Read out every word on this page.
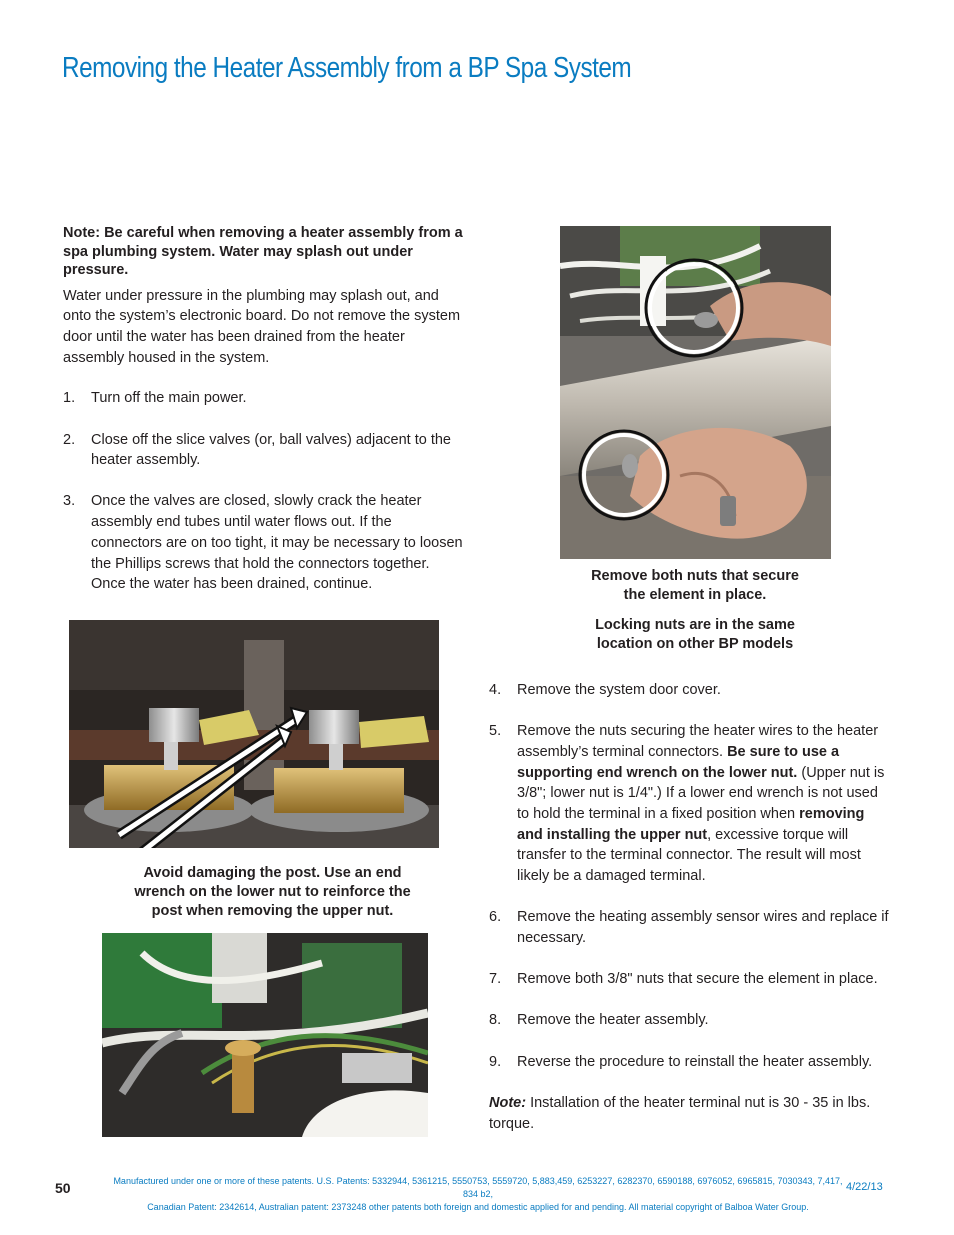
Removing the Heater Assembly from a BP Spa System

Note: Be careful when removing a heater assembly from a spa plumbing system. Water may splash out under pressure.

Water under pressure in the plumbing may splash out, and onto the system’s electronic board. Do not remove the system door until the water has been drained from the heater assembly housed in the system.

1. Turn off the main power.
2. Close off the slice valves (or, ball valves) adjacent to the heater assembly.
3. Once the valves are closed, slowly crack the heater assembly end tubes until water flows out. If the connectors are on too tight, it may be necessary to loosen the Phillips screws that hold the connectors together. Once the water has been drained, continue.
Remove both nuts that secure the element in place.
Locking nuts are in the same location on other BP models
Avoid damaging the post. Use an end wrench on the lower nut to reinforce the post when removing the upper nut.
4. Remove the system door cover.
5. Remove the nuts securing the heater wires to the heater assembly’s terminal connectors. Be sure to use a supporting end wrench on the lower nut. (Upper nut is 3/8"; lower nut is 1/4".) If a lower end wrench is not used to hold the terminal in a fixed position when removing and installing the upper nut, excessive torque will transfer to the terminal connector. The result will most likely be a damaged terminal.
6. Remove the heating assembly sensor wires and replace if necessary.
7. Remove both 3/8" nuts that secure the element in place.
8. Remove the heater assembly.
9. Reverse the procedure to reinstall the heater assembly.

Note: Installation of the heater terminal nut is 30 - 35 in lbs. torque.

50	Manufactured under one or more of these patents. U.S. Patents: 5332944, 5361215, 5550753, 5559720, 5,883,459, 6253227, 6282370, 6590188, 6976052, 6965815, 7030343, 7,417, 834 b2,
Canadian Patent: 2342614, Australian patent: 2373248 other patents both foreign and domestic applied for and pending. All material copyright of Balboa Water Group.
4/22/13
